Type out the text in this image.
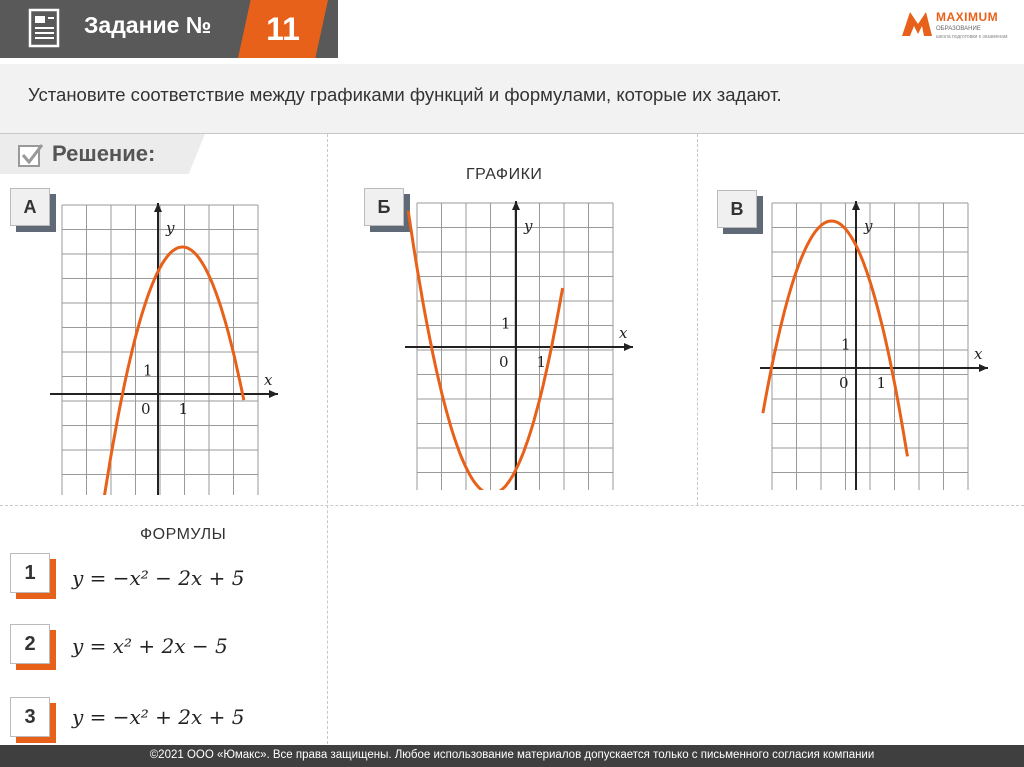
Задание №	11	MAXIMUM
ОБРАЗОВАНИЕ
школа подготовки к экзаменам
Установите соответствие между графиками функций и формулами, которые их задают.
Решение:
ГРАФИКИ
А	Б	В
x
y
0 1
1
x
y
0 1
1
x
y
0 1
1
ФОРМУЛЫ
1	y = −x² − 2x + 5
2	y = x² + 2x − 5
3	y = −x² + 2x + 5
©2021 ООО «Юмакс». Все права защищены. Любое использование материалов допускается только с письменного согласия компании
